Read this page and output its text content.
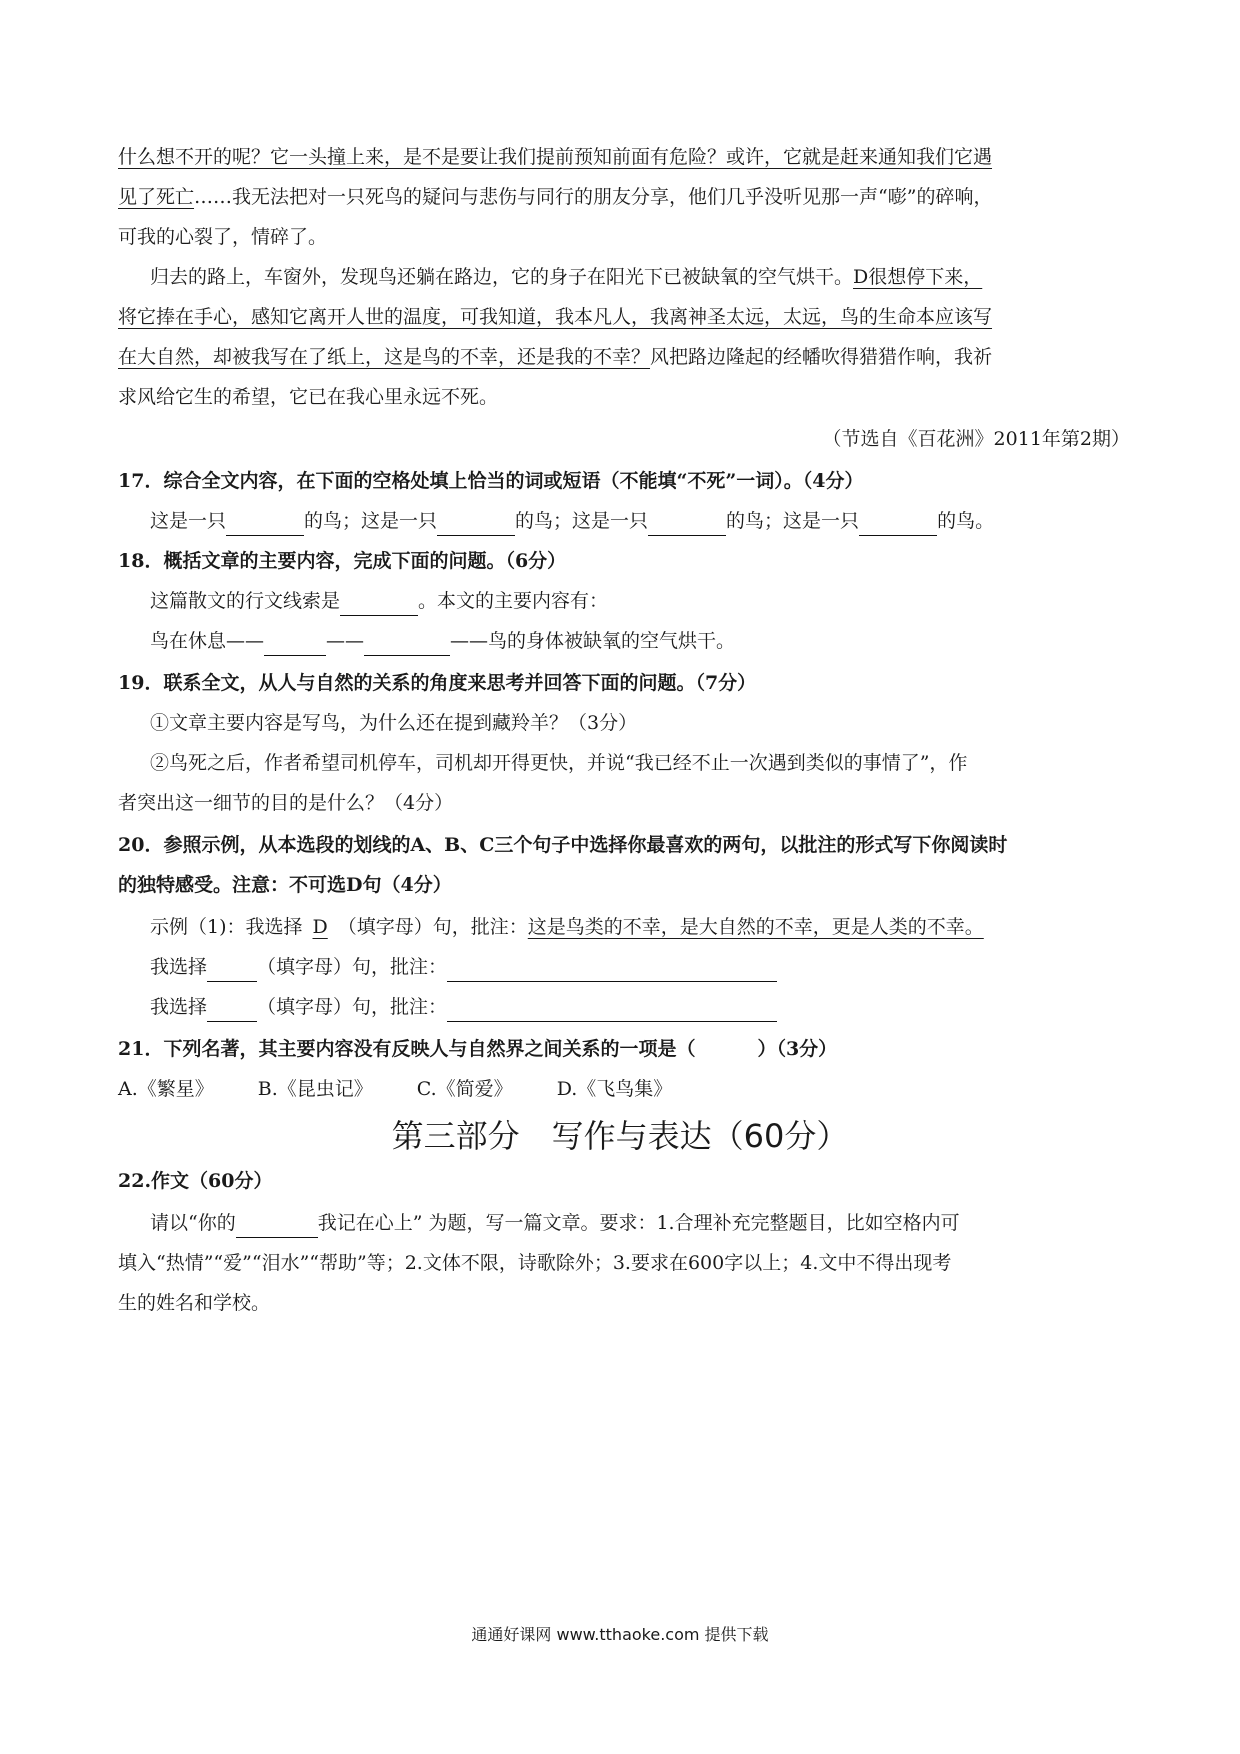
什么想不开的呢？它一头撞上来，是不是要让我们提前预知前面有危险？或许，它就是赶来通知我们它遇
见了死亡……我无法把对一只死鸟的疑问与悲伤与同行的朋友分享，他们几乎没听见那一声“嘭”的碎响，
可我的心裂了，情碎了。
归去的路上，车窗外，发现鸟还躺在路边，它的身子在阳光下已被缺氧的空气烘干。D很想停下来，
将它捧在手心，感知它离开人世的温度，可我知道，我本凡人，我离神圣太远，太远，鸟的生命本应该写
在大自然，却被我写在了纸上，这是鸟的不幸，还是我的不幸？风把路边隆起的经幡吹得猎猎作响，我祈
求风给它生的希望，它已在我心里永远不死。
（节选自《百花洲》2011年第2期）
17．综合全文内容，在下面的空格处填上恰当的词或短语（不能填“不死”一词）。（4分）
这是一只	的鸟；这是一只	的鸟；这是一只	的鸟；这是一只	的鸟。
18．概括文章的主要内容，完成下面的问题。（6分）
这篇散文的行文线索是	。本文的主要内容有：
鸟在休息——	——	——鸟的身体被缺氧的空气烘干。
19．联系全文，从人与自然的关系的角度来思考并回答下面的问题。（7分）
①文章主要内容是写鸟，为什么还在提到藏羚羊？（3分）
②鸟死之后，作者希望司机停车，司机却开得更快，并说“我已经不止一次遇到类似的事情了”，作
者突出这一细节的目的是什么？（4分）
20．参照示例，从本选段的划线的A、B、C三个句子中选择你最喜欢的两句，以批注的形式写下你阅读时
的独特感受。注意：不可选D句（4分）
示例（1)：我选择 D （填字母）句，批注：这是鸟类的不幸，是大自然的不幸，更是人类的不幸。
我选择	（填字母）句，批注：
我选择	（填字母）句，批注：
21．下列名著，其主要内容没有反映人与自然界之间关系的一项是（	）（3分）
A.《繁星》 B.《昆虫记》 C.《简爱》 D.《飞鸟集》
第三部分　写作与表达（60分）
22.作文（60分）
请以“你的	我记在心上” 为题，写一篇文章。要求：1.合理补充完整题目，比如空格内可
填入“热情”“爱”“泪水”“帮助”等；2.文体不限，诗歌除外；3.要求在600字以上；4.文中不得出现考
生的姓名和学校。
通通好课网 www.tthaoke.com 提供下载
